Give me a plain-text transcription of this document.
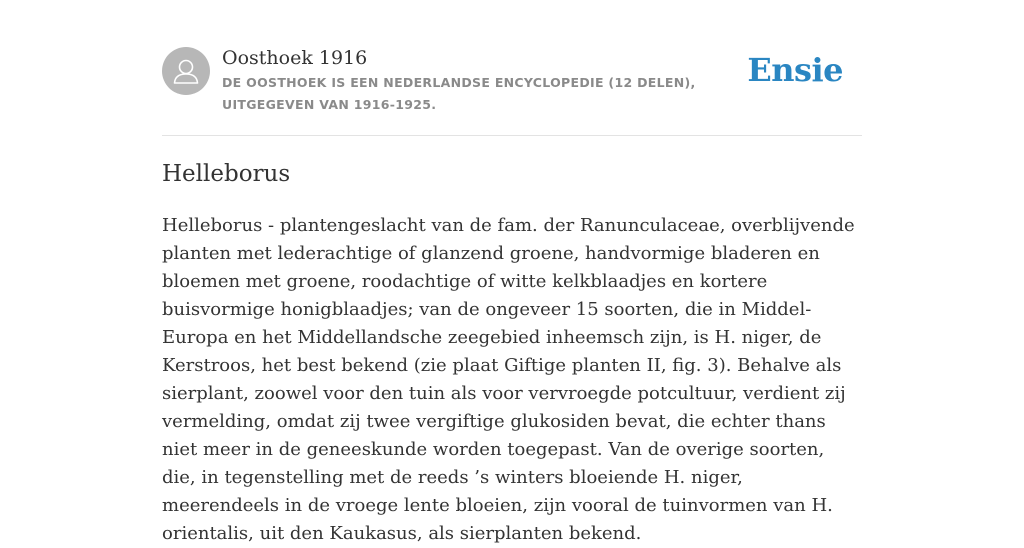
Oosthoek 1916
DE OOSTHOEK IS EEN NEDERLANDSE ENCYCLOPEDIE (12 DELEN), UITGEGEVEN VAN 1916-1925.
Ensie
Helleborus

Helleborus - plantengeslacht van de fam. der Ranunculaceae, overblijvende planten met lederachtige of glanzend groene, handvormige bladeren en bloemen met groene, roodachtige of witte kelkblaadjes en kortere buisvormige honigblaadjes; van de ongeveer 15 soorten, die in Middel-Europa en het Middellandsche zeegebied inheemsch zijn, is H. niger, de Kerstroos, het best bekend (zie plaat Giftige planten II, fig. 3). Behalve als sierplant, zoowel voor den tuin als voor vervroegde potcultuur, verdient zij vermelding, omdat zij twee vergiftige glukosiden bevat, die echter thans niet meer in de geneeskunde worden toegepast. Van de overige soorten, die, in tegenstelling met de reeds ’s winters bloeiende H. niger, meerendeels in de vroege lente bloeien, zijn vooral de tuinvormen van H. orientalis, uit den Kaukasus, als sierplanten bekend.
